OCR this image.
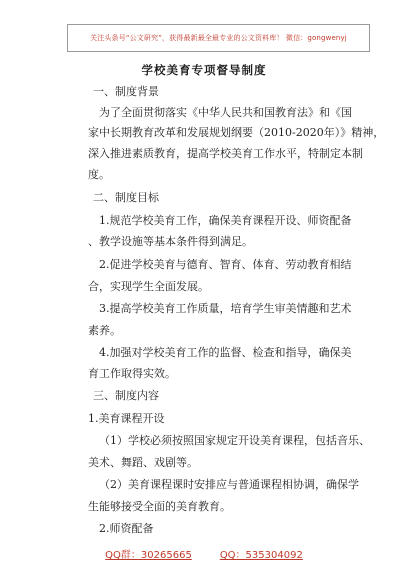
关注头条号“公文研究”，获得最新最全最专业的公文资料库！ 微信：gongwenyj
学校美育专项督导制度
一、制度背景
为了全面贯彻落实《中华人民共和国教育法》和《国
家中长期教育改革和发展规划纲要（2010-2020年）》精神，
深入推进素质教育，提高学校美育工作水平，特制定本制
度。
二、制度目标
1.规范学校美育工作，确保美育课程开设、师资配备
、教学设施等基本条件得到满足。
2.促进学校美育与德育、智育、体育、劳动教育相结
合，实现学生全面发展。
3.提高学校美育工作质量，培育学生审美情趣和艺术
素养。
4.加强对学校美育工作的监督、检查和指导，确保美
育工作取得实效。
三、制度内容
1.美育课程开设
（1）学校必须按照国家规定开设美育课程，包括音乐、
美术、舞蹈、戏剧等。
（2）美育课程课时安排应与普通课程相协调，确保学
生能够接受全面的美育教育。
2.师资配备
QQ群：30265665	QQ：535304092
